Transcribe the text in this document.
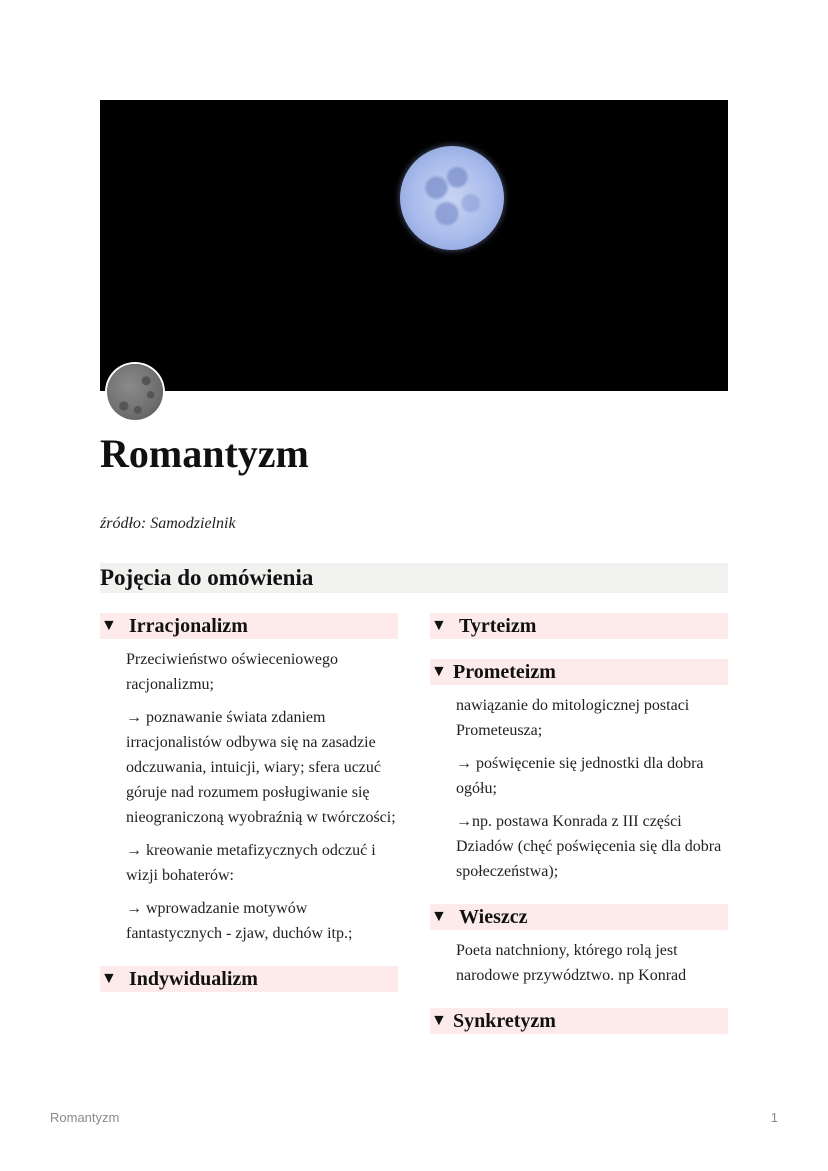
Romantyzm
źródło: Samodzielnik
Pojęcia do omówienia
▼ Irracjonalizm

Przeciwieństwo oświeceniowego racjonalizmu;

→ poznawanie świata zdaniem irracjonalistów odbywa się na zasadzie odczuwania, intuicji, wiary; sfera uczuć góruje nad rozumem posługiwanie się nieograniczoną wyobraźnią w twórczości;

→ kreowanie metafizycznych odczuć i wizji bohaterów:

→ wprowadzanie motywów fantastycznych - zjaw, duchów itp.;

▼ Indywidualizm
▼ Tyrteizm
▼ Prometeizm

nawiązanie do mitologicznej postaci Prometeusza;

→ poświęcenie się jednostki dla dobra ogółu;

→np. postawa Konrada z III części Dziadów (chęć poświęcenia się dla dobra społeczeństwa);

▼ Wieszcz

Poeta natchniony, którego rolą jest narodowe przywództwo. np Konrad

▼ Synkretyzm
Romantyzm	1
